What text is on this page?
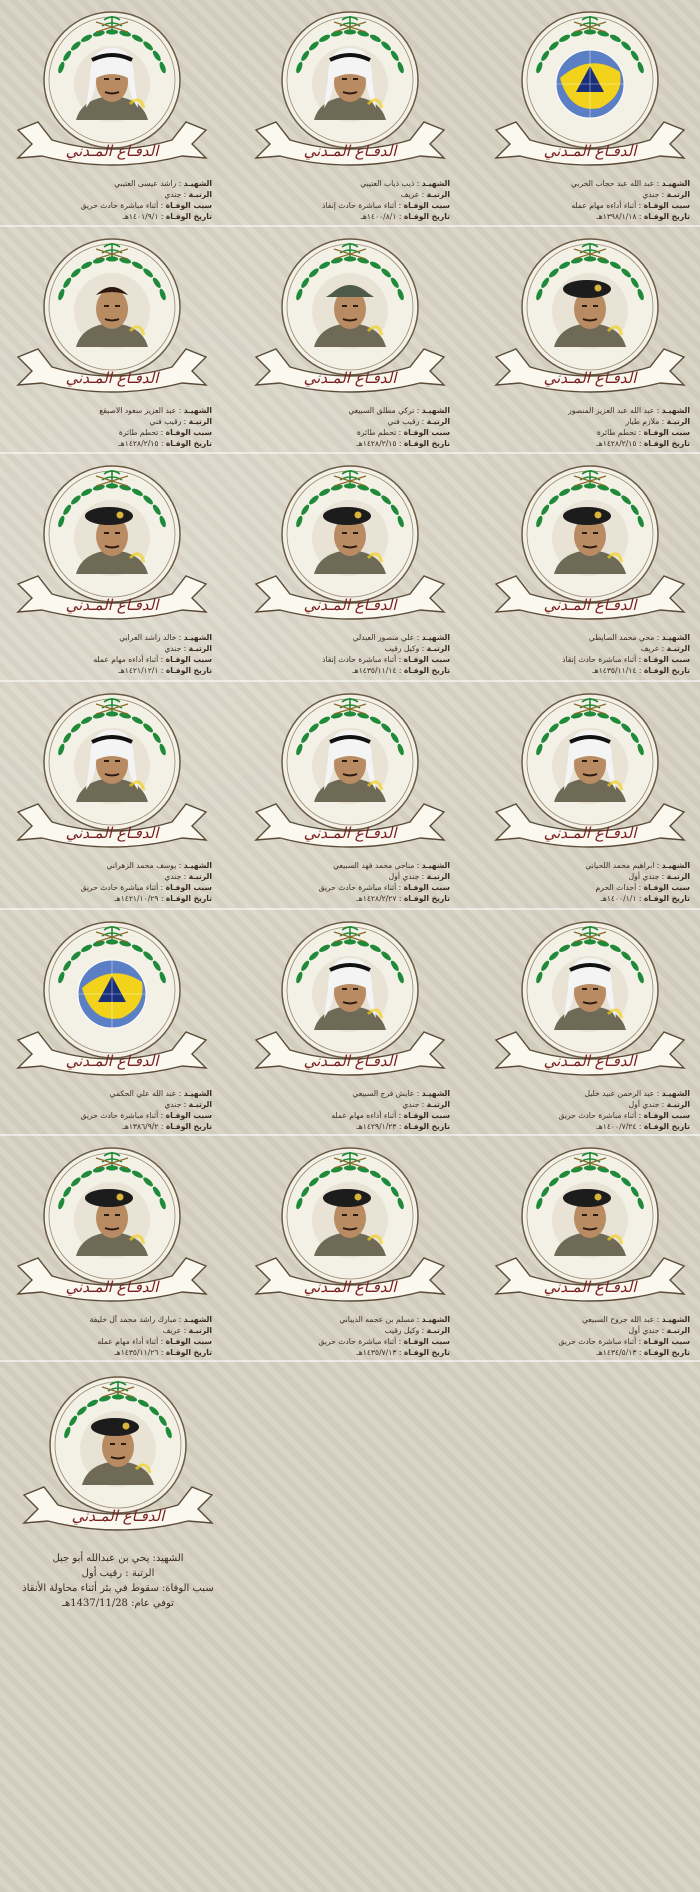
الدفـاع المـدني
الشهيـد : عبد الله عبد حجاب الحربي
الرتبـة : جندي
سبب الوفـاة : أثناء أداءه مهام عمله
تاريخ الوفـاة : ١٣٩٨/١/١٨هـ
الدفـاع المـدني
الشهيـد : ذيب ذياب العتيبي
الرتبـة : عريف
سبب الوفـاة : أثناء مباشرة حادث إنقاذ
تاريخ الوفـاة : ١٤٠٠/٨/١هـ
الدفـاع المـدني
الشهيـد : راشد عيسى العتيبي
الرتبـة : جندي
سبب الوفـاة : أثناء مباشرة حادث حريق
تاريخ الوفـاة : ١٤٠١/٩/١هـ
الدفـاع المـدني
الشهيـد : عبد الله عبد العزيز المنصور
الرتبـة : ملازم طيار
سبب الوفـاة : تحطم طائرة
تاريخ الوفـاة : ١٤٢٨/٢/١٥هـ
الدفـاع المـدني
الشهيـد : تركي مطلق السبيعي
الرتبـة : رقيب فني
سبب الوفـاة : تحطم طائرة
تاريخ الوفـاة : ١٤٢٨/٢/١٥هـ
الدفـاع المـدني
الشهيـد : عبد العزيز سعود الاصيقع
الرتبـة : رقيب فني
سبب الوفـاة : تحطم طائرة
تاريخ الوفـاة : ١٤٢٨/٢/١٥هـ
الدفـاع المـدني
الشهيـد : محي محمد الصايطي
الرتبـة : عريف
سبب الوفـاة : أثناء مباشرة حادث إنقاذ
تاريخ الوفـاة : ١٤٣٥/١١/١٤هـ
الدفـاع المـدني
الشهيـد : علي منصور العبدلي
الرتبـة : وكيل رقيب
سبب الوفـاة : أثناء مباشرة حادث إنقاذ
تاريخ الوفـاة : ١٤٣٥/١١/١٤هـ
الدفـاع المـدني
الشهيـد : خالد راشد العرابي
الرتبـة : جندي
سبب الوفـاة : أثناء أداءه مهام عمله
تاريخ الوفـاة : ١٤٢١/١٢/١هـ
الدفـاع المـدني
الشهيـد : ابراهيم محمد اللحياني
الرتبـة : جندي أول
سبب الوفـاة : أحداث الحرم
تاريخ الوفـاة : ١٤٠٠/١/١هـ
الدفـاع المـدني
الشهيـد : مناحي محمد فهد السبيعي
الرتبـة : جندي أول
سبب الوفـاة : أثناء مباشرة حادث حريق
تاريخ الوفـاة : ١٤٢٨/٢/٢٧هـ
الدفـاع المـدني
الشهيـد : يوسف محمد الزهراني
الرتبـة : جندي
سبب الوفـاة : أثناء مباشرة حادث حريق
تاريخ الوفـاة : ١٤٢١/١٠/٢٩هـ
الدفـاع المـدني
الشهيـد : عبد الرحمن عبيد خليل
الرتبـة : جندي أول
سبب الوفـاة : أثناء مباشرة حادث حريق
تاريخ الوفـاة : ١٤٠٠/٧/٢٤هـ
الدفـاع المـدني
الشهيـد : عايش فرج السبيعي
الرتبـة : جندي
سبب الوفـاة : أثناء أداءه مهام عمله
تاريخ الوفـاة : ١٤٢٩/١/٢٣هـ
الدفـاع المـدني
الشهيـد : عبد الله علي الحكمي
الرتبـة : جندي
سبب الوفـاة : أثناء مباشرة حادث حريق
تاريخ الوفـاة : ١٣٨٦/٩/٢هـ
الدفـاع المـدني
الشهيـد : عبد الله جروح السبيعي
الرتبـة : جندي أول
سبب الوفـاة : أثناء مباشرة حادث حريق
تاريخ الوفـاة : ١٤٣٤/٥/١٣هـ
الدفـاع المـدني
الشهيـد : مسلم بن عجمه الذيباني
الرتبـة : وكيل رقيب
سبب الوفـاة : أثناء مباشرة حادث حريق
تاريخ الوفـاة : ١٤٣٥/٧/١٣هـ
الدفـاع المـدني
الشهيـد : مبارك راشد محمد آل خليفة
الرتبـة : عريف
سبب الوفـاة : أثناء أداء مهام عمله
تاريخ الوفـاة : ١٤٣٥/١١/٢٦هـ
الدفـاع المـدني
الشهيد: يحي بن عبدالله أبو جبل
الرتبة : رقيب أول
سبب الوفاة: سقوط في بئر أثناء محاولة الأنقاذ
توفي عام: 1437/11/28هـ
